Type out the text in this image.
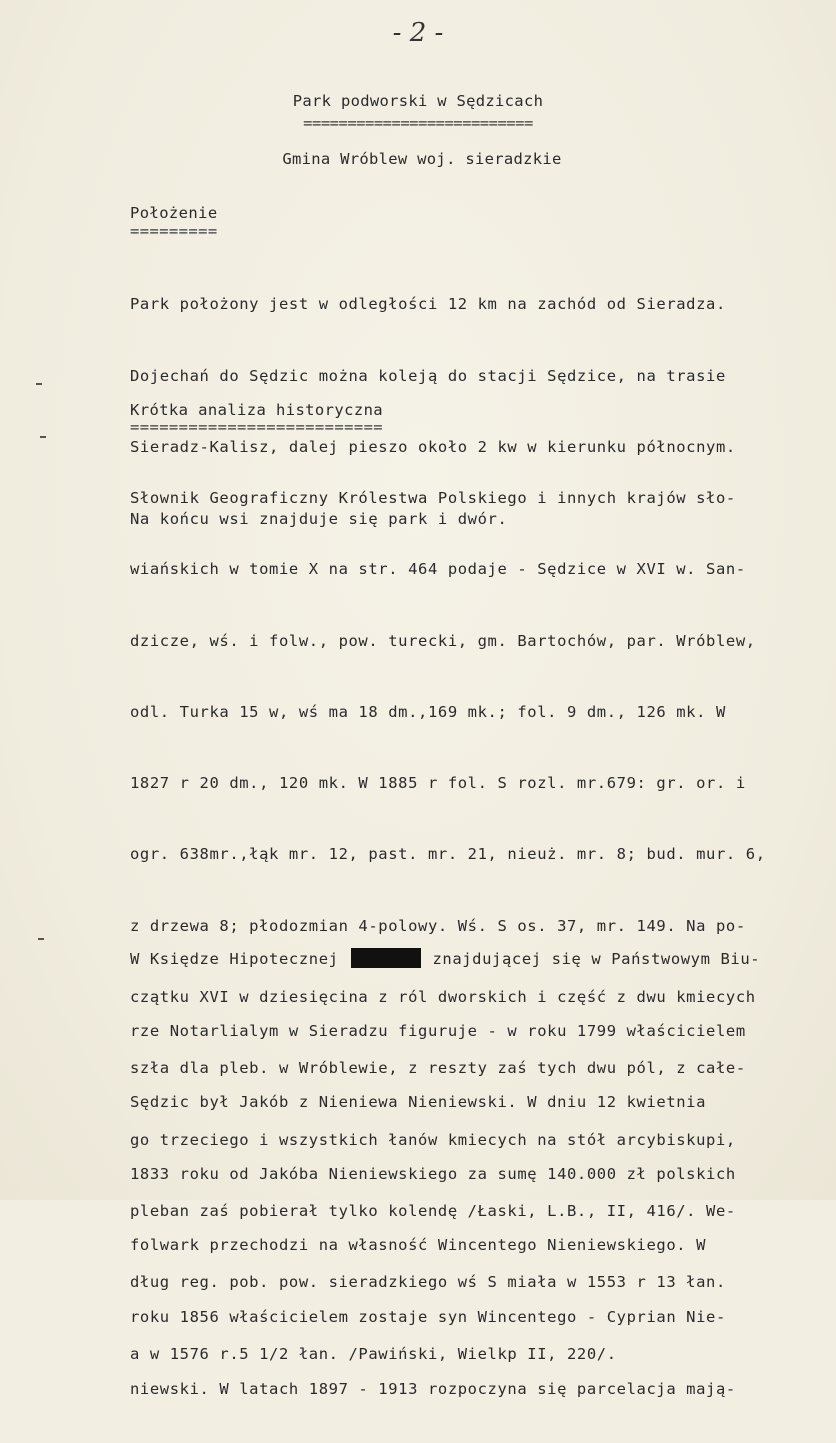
- 2 -
Park podworski w Sędzicach
==========================
Gmina Wróblew woj. sieradzkie
Położenie
=========

Park położony jest w odległości 12 km na zachód od Sieradza.

Dojechań do Sędzic można koleją do stacji Sędzice, na trasie

Sieradz-Kalisz, dalej pieszo około 2 kw w kierunku północnym.

Na końcu wsi znajduje się park i dwór.

Krótka analiza historyczna
==========================

Słownik Geograficzny Królestwa Polskiego i innych krajów sło-

wiańskich w tomie X na str. 464 podaje - Sędzice w XVI w. San-

dzicze, wś. i folw., pow. turecki, gm. Bartochów, par. Wróblew,

odl. Turka 15 w, wś ma 18 dm.,169 mk.; fol. 9 dm., 126 mk. W

1827 r 20 dm., 120 mk. W 1885 r fol. S rozl. mr.679: gr. or. i

ogr. 638mr.,łąk mr. 12, past. mr. 21, nieuż. mr. 8; bud. mur. 6,

z drzewa 8; płodozmian 4-polowy. Wś. S os. 37, mr. 149. Na po-

czątku XVI w dziesięcina z ról dworskich i część z dwu kmiecych

szła dla pleb. w Wróblewie, z reszty zaś tych dwu pól, z całe-

go trzeciego i wszystkich łanów kmiecych na stół arcybiskupi,

pleban zaś pobierał tylko kolendę /Łaski, L.B., II, 416/. We-

dług reg. pob. pow. sieradzkiego wś S miała w 1553 r 13 łan.

a w 1576 r.5 1/2 łan. /Pawiński, Wielkp II, 220/.

W Księdze Hipotecznej	znajdującej się w Państwowym Biu-

rze Notarlialym w Sieradzu figuruje - w roku 1799 właścicielem

Sędzic był Jakób z Nieniewa Nieniewski. W dniu 12 kwietnia

1833 roku od Jakóba Nieniewskiego za sumę 140.000 zł polskich

folwark przechodzi na własność Wincentego Nieniewskiego. W

roku 1856 właścicielem zostaje syn Wincentego - Cyprian Nie-

niewski. W latach 1897 - 1913 rozpoczyna się parcelacja mają-
